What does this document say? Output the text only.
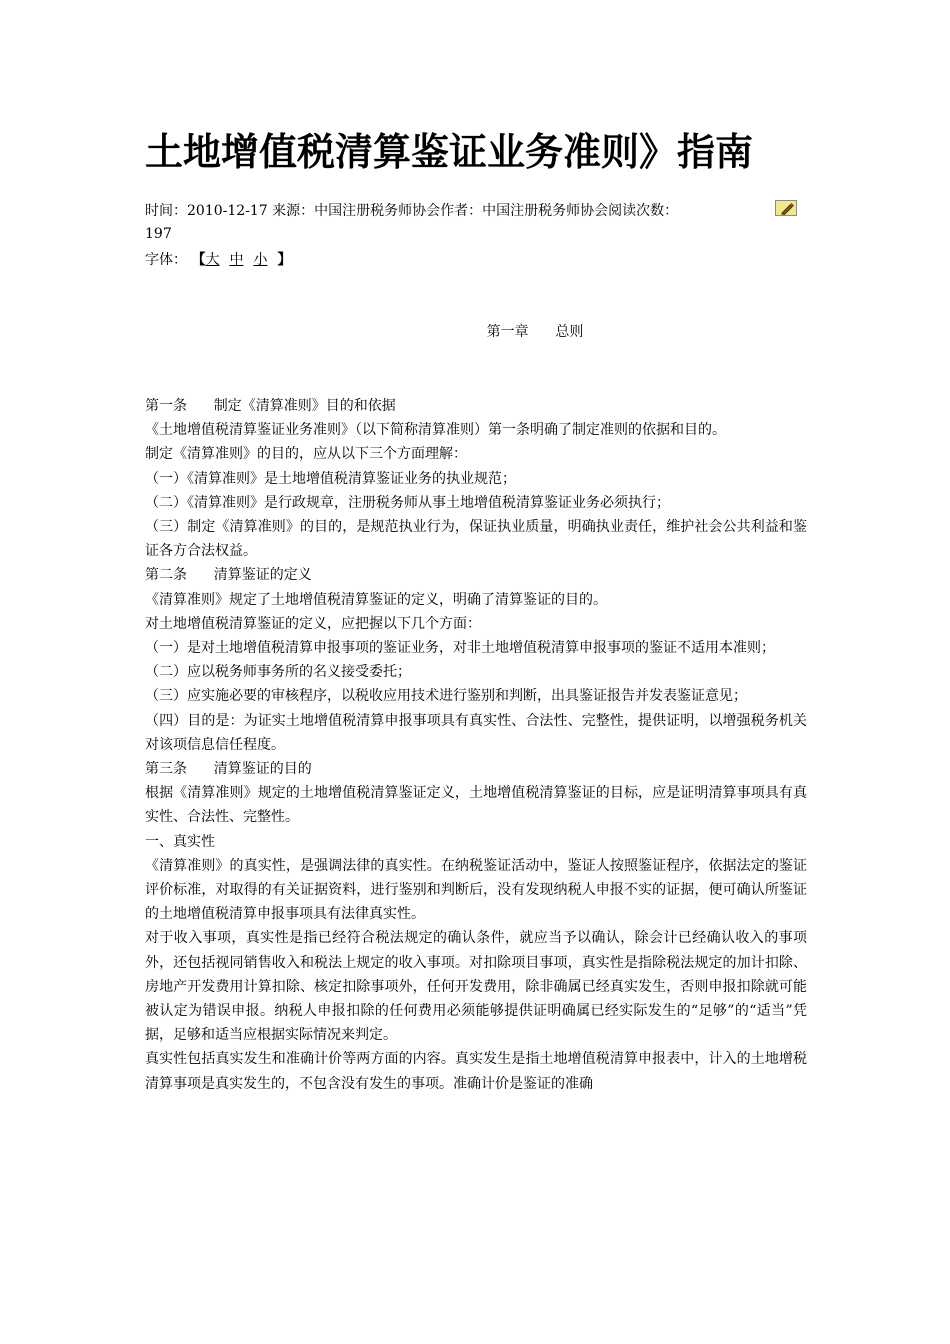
土地增值税清算鉴证业务准则》指南
时间：2010-12-17 来源：中国注册税务师协会作者：中国注册税务师协会阅读次数：
197
字体： 【大 中 小 】
第一章      总则

第一条      制定《清算准则》目的和依据

《土地增值税清算鉴证业务准则》（以下简称清算准则）第一条明确了制定准则的依据和目的。

制定《清算准则》的目的，应从以下三个方面理解：

（一）《清算准则》是土地增值税清算鉴证业务的执业规范；

（二）《清算准则》是行政规章，注册税务师从事土地增值税清算鉴证业务必须执行；

（三）制定《清算准则》的目的，是规范执业行为，保证执业质量，明确执业责任，维护社会公共利益和鉴证各方合法权益。

第二条      清算鉴证的定义

《清算准则》规定了土地增值税清算鉴证的定义，明确了清算鉴证的目的。

对土地增值税清算鉴证的定义，应把握以下几个方面：

（一）是对土地增值税清算申报事项的鉴证业务，对非土地增值税清算申报事项的鉴证不适用本准则；

（二）应以税务师事务所的名义接受委托；

（三）应实施必要的审核程序，以税收应用技术进行鉴别和判断，出具鉴证报告并发表鉴证意见；

（四）目的是：为证实土地增值税清算申报事项具有真实性、合法性、完整性，提供证明，以增强税务机关对该项信息信任程度。

第三条      清算鉴证的目的

根据《清算准则》规定的土地增值税清算鉴证定义，土地增值税清算鉴证的目标，应是证明清算事项具有真实性、合法性、完整性。

一、真实性

《清算准则》的真实性，是强调法律的真实性。在纳税鉴证活动中，鉴证人按照鉴证程序，依据法定的鉴证评价标准，对取得的有关证据资料，进行鉴别和判断后，没有发现纳税人申报不实的证据，便可确认所鉴证的土地增值税清算申报事项具有法律真实性。

对于收入事项，真实性是指已经符合税法规定的确认条件，就应当予以确认，除会计已经确认收入的事项外，还包括视同销售收入和税法上规定的收入事项。对扣除项目事项，真实性是指除税法规定的加计扣除、房地产开发费用计算扣除、核定扣除事项外，任何开发费用，除非确属已经真实发生，否则申报扣除就可能被认定为错误申报。纳税人申报扣除的任何费用必须能够提供证明确属已经实际发生的“足够”的“适当”凭据，足够和适当应根据实际情况来判定。

真实性包括真实发生和准确计价等两方面的内容。真实发生是指土地增值税清算申报表中，计入的土地增税清算事项是真实发生的，不包含没有发生的事项。准确计价是鉴证的准确
